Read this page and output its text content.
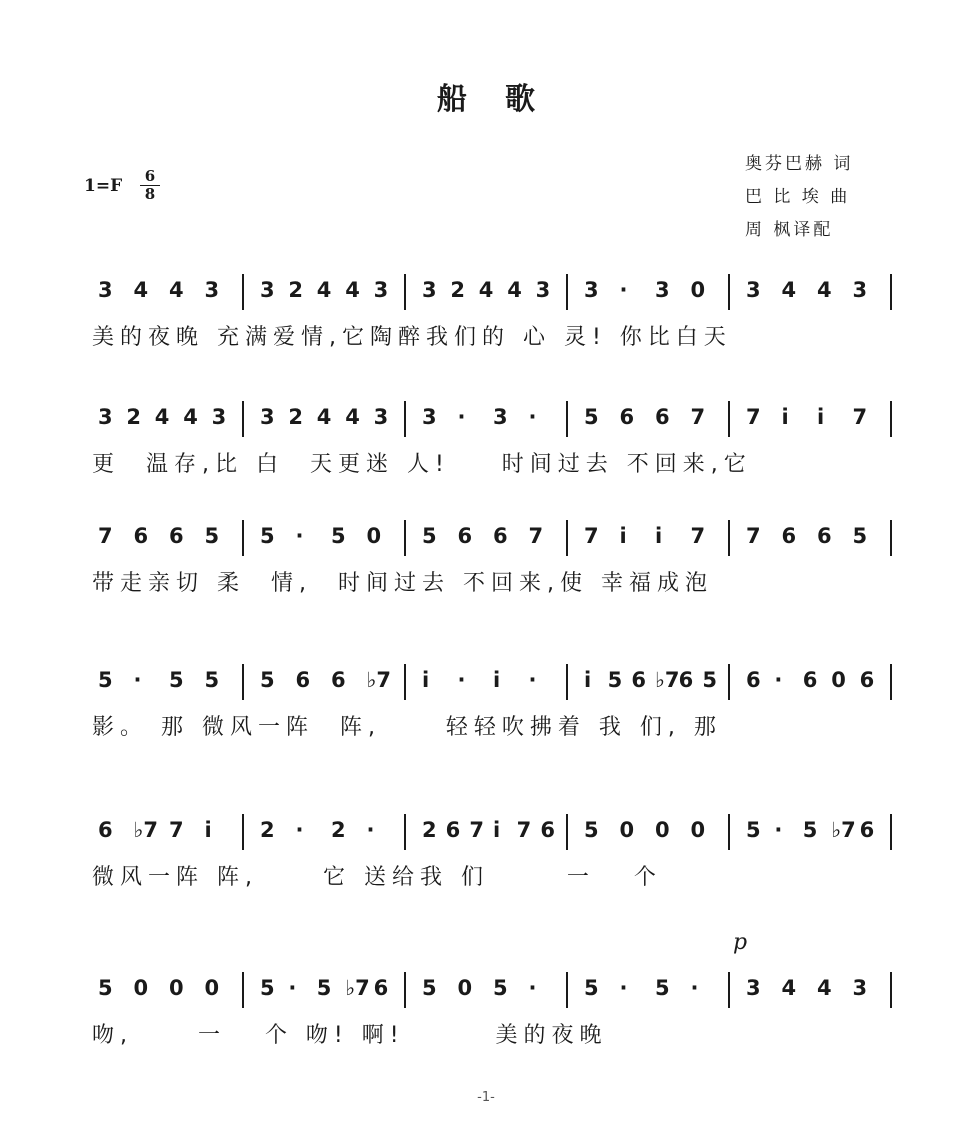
船歌
1=F	6
8
奥芬巴赫 词
巴 比 埃 曲
周 枫译配
3 4 4 3 3 2 4 4 3 3 2 4 4 3 3 · 3 0 3 4 4 3
美的夜晚 充满爱情,它陶醉我们的 心 灵! 你比白天
3 2 4 4 3 3 2 4 4 3 3 · 3 · 5 6 6 7 7 i i 7
更  温存,比 白  天更迷 人!    时间过去 不回来,它
7 6 6 5 5 · 5 0 5 6 6 7 7 i i 7 7 6 6 5
带走亲切 柔  情,  时间过去 不回来,使 幸福成泡
5 · 5 5 5 6 6 ♭7 i · i · i 5 6 ♭7 6 5 6 · 6 0 6
影。 那 微风一阵  阵,     轻轻吹拂着 我 们, 那
6 ♭7 7 i 2 · 2 · 2 6 7 i 7 6 5 0 0 0 5 · 5 ♭7 6
微风一阵 阵,     它 送给我 们      一   个
5 0 0 0 5 · 5 ♭7 6 5 0 5 · 5 · 5 · 3 4 4 3
吻,     一   个 吻! 啊!       美的夜晚
-1-
p
